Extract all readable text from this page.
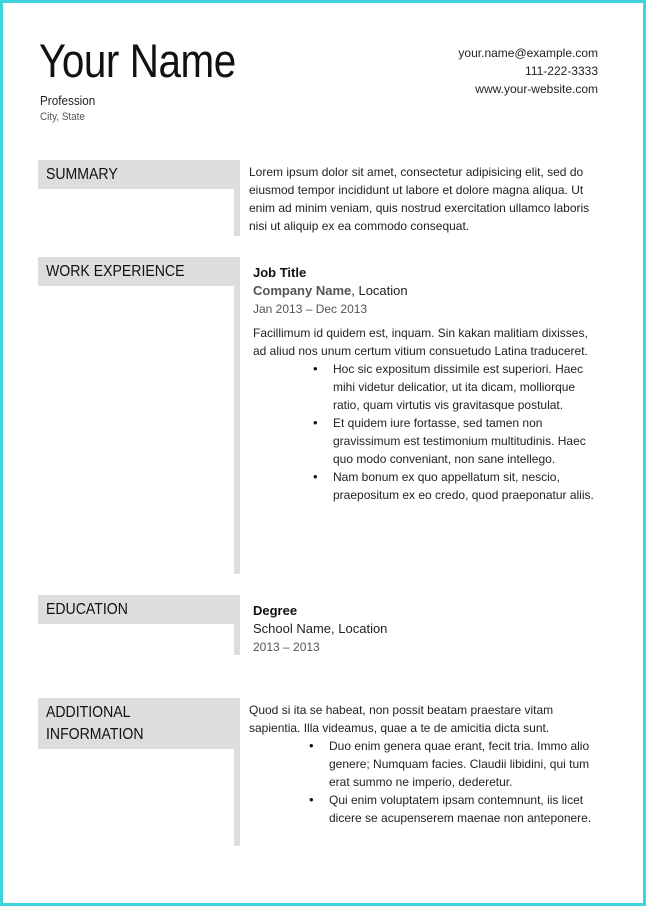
Your Name
Profession
City, State
your.name@example.com
111-222-3333
www.your-website.com
SUMMARY	Lorem ipsum dolor sit amet, consectetur adipisicing elit, sed do eiusmod tempor incididunt ut labore et dolore magna aliqua. Ut enim ad minim veniam, quis nostrud exercitation ullamco laboris nisi ut aliquip ex ea commodo consequat.

WORK EXPERIENCE	Job Title
Company Name, Location
Jan 2013 – Dec 2013

Facillimum id quidem est, inquam. Sin kakan malitiam dixisses, ad aliud nos unum certum vitium consuetudo Latina traduceret.

• Hoc sic expositum dissimile est superiori. Haec mihi videtur delicatior, ut ita dicam, molliorque ratio, quam virtutis vis gravitasque postulat.
• Et quidem iure fortasse, sed tamen non gravissimum est testimonium multitudinis. Haec quo modo conveniant, non sane intellego.
• Nam bonum ex quo appellatum sit, nescio, praepositum ex eo credo, quod praeponatur aliis.
EDUCATION	Degree
School Name, Location
2013 – 2013
ADDITIONAL
INFORMATION

Quod si ita se habeat, non possit beatam praestare vitam sapientia. Illa videamus, quae a te de amicitia dicta sunt.

• Duo enim genera quae erant, fecit tria. Immo alio genere; Numquam facies. Claudii libidini, qui tum erat summo ne imperio, dederetur.
• Qui enim voluptatem ipsam contemnunt, iis licet dicere se acupenserem maenae non anteponere.
